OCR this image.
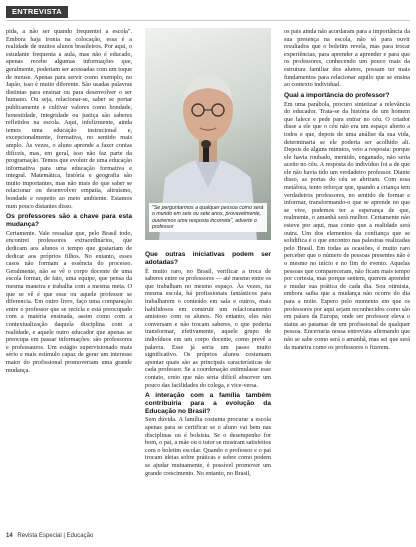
ENTREVISTA

pida, a não ser quando frequentei a escola". Embora haja ironia na colocação, essa é a realidade de muitos alunos brasileiros. Por aqui, o estudante frequenta a aula, mas não é educado, apenas recebe algumas informações que, geralmente, poderiam ser acessadas com um toque de mouse. Apenas para servir como exemplo, no Japão, isso é muito diferente. São usadas palavras distintas para ensinar ou para desenvolver o ser humano. Ou seja, relacionar-se, saber se portar publicamente e cultivar valores como bondade, honestidade, integridade ou justiça são saberes refletidos na escola. Aqui, infelizmente, ainda temos uma educação instrucional e, excepcionalmente, formativa, no sentido mais amplo. Às vezes, o aluno aprende a fazer contas difíceis, mas, em geral, isso não faz parte da programação. Temos que evoluir de uma educação informativa para uma educação formativa e integral. Matemática, história e geografia são muito importantes, mas não mais do que saber se relacionar ou desenvolver empatia, altruísmo, bondade e respeito ao meio ambiente. Estamos num pouco distantes disso.

Os professores são a chave para esta mudança?

Certamente. Vale ressaltar que, pelo Brasil todo, encontrei professores extraordinários, que dedicam aos alunos o tempo que gostariam de dedicar aos próprios filhos. No entanto, esses casos não formam a essência do processo. Geralmente, não se vê o corpo docente de uma escola formar, de fato, uma equipe, que pensa da mesma maneira e trabalha com a mesma meta. O que se vê é que esse ou aquele professor se diferencia. Em outro livro, faço uma comparação entre o professor que se recicla e está preocupado com a matéria ensinada, assim como com a contextualização daquela disciplina com a realidade, e aquele outro educador que apenas se preocupa em passar informações: são professores e professauros. Um estágio supervisionado mais sério e mais estímulo capaz de gerar um interesse maior do profissional promoveriam uma grande mudança.

"Se perguntarmos a qualquer pessoa como será o mundo em seis ou sete anos, provavelmente, ouviremos uma resposta incorreta", adverte o professor
Que outras iniciativas podem ser adotadas?

É muito raro, no Brasil, verificar a troca de saberes entre os professores — até mesmo entre os que trabalham no mesmo espaço. Às vezes, na mesma escola, há profissionais fantásticos para trabalharem o conteúdo em sala e outros, mais habilidosos em construir um relacionamento amistoso com os alunos. No entanto, eles não conversam e não trocam saberes, o que poderia transformar, efetivamente, aquele grupo de indivíduos em um corpo docente, como prevê a palavra. Esse já seria um passo muito significativo. Os próprios alunos costumam apontar quais são as principais características de cada professor. Se a coordenação estimulasse esse contato, creio que não seria difícil absorver um pouco das facilidades do colega, e vice-versa.

A interação com a família também contribuiria para a evolução da Educação no Brasil?

Sem dúvida. A família costuma procurar a escola apenas para se certificar se o aluno vai bem nas disciplinas ou é bolsista. Se o desempenho for bom, o pai, a mãe ou o tutor se mostram satisfeitos com o boletim escolar. Quando o professor e o pai trocam ideias sobre práticas e sobre como podem se ajudar mutuamente, é possível promover um grande crescimento. No entanto, no Brasil,

os pais ainda não acordaram para a importância da sua presença na escola, não só para ouvir resultados que o boletim revela, mas para trocar experiências, para aprender a aprender e para que os professores, conhecendo um pouco mais da estrutura familiar dos alunos, possam ter mais fundamentos para relacionar aquilo que se ensina ao contexto individual.

Qual a importância do professor?

Em uma parábola, procuro sintetizar a relevância do educador. Trata-se da história de um homem que falece e pede para entrar no céu. O criador disse a ele que o céu não era um espaço aberto a todos e que, depois de uma análise da sua vida, determinaria se ele poderia ser acolhido ali. Depois de alguns minutos, veio a resposta: porque ele havia roubado, mentido, enganado, não seria aceito no céu. A resposta do indivíduo foi a de que ele não havia tido um verdadeiro professor. Diante disso, as portas do céu se abriram. Com essa metáfora, tento reforçar que, quando a criança tem verdadeiros professores, no sentido de formar e informar, transformando-o que se aprende no que se vive, podemos ter a esperança de que, realmente, o amanhã será melhor. Certamente não esteve por aqui, mas conto que a realidade será outra. Um dos elementos da confiança que se solidifica é o que encontro nas palestras realizadas pelo Brasil. Em todas as ocasiões, é muito raro perceber que o número de pessoas presentes não é o mesmo no início e no fim do evento. Aquelas pessoas que compareceram, não ficam mais tempo por cortesia, mas porque sentem, querem aprender e mudar sua prática de cada dia. Sou otimista, embora saiba que a mudança não ocorre do dia para a noite. Espero pelo momento em que os professores por aqui sejam reconhecidos como são em países da Europa, onde ser professor eleva o status ao patamar de um profissional de qualquer pessoa. Encerraria nossa entrevista afirmando que não se sabe como será o amanhã, mas sei que será da maneira como os professores o fizerem.

14 Revista Especial | Educação
